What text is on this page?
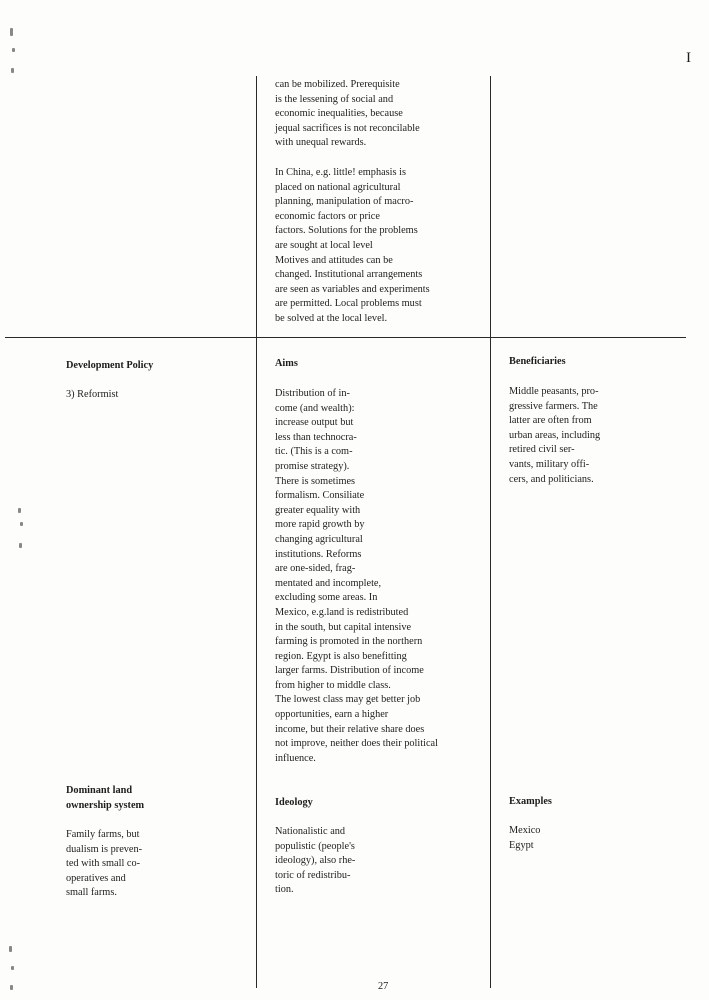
I

can be mobilized. Prerequisite
is the lessening of social and
economic inequalities, because
jequal sacrifices is not reconcilable
with unequal rewards.

In China, e.g. little! emphasis is
placed on national agricultural
planning, manipulation of macro-
economic factors or price
factors. Solutions for the problems
are sought at local level
Motives and attitudes can be
changed. Institutional arrangements
are seen as variables and experiments
are permitted. Local problems must
be solved at the local level.

Development Policy
3) Reformist

Dominant land
ownership system

Family farms, but
dualism is preven-
ted with small co-
operatives and
small farms.

Aims

Distribution of in-
come (and wealth):
increase output but
less than technocra-
tic. (This is a com-
promise strategy).
There is sometimes
formalism. Consiliate
greater equality with
more rapid growth by
changing agricultural
institutions. Reforms
are one-sided, frag-
mentated and incomplete,
excluding some areas. In
Mexico, e.g.land is redistributed
in the south, but capital intensive
farming is promoted in the northern
region. Egypt is also benefitting
larger farms. Distribution of income
from higher to middle class.
The lowest class may get better job
opportunities, earn a higher
income, but their relative share does
not improve, neither does their political
influence.

Ideology

Nationalistic and
populistic (people's
ideology), also rhe-
toric of redistribu-
tion.

Beneficiaries

Middle peasants, pro-
gressive farmers. The
latter are often from
urban areas, including
retired civil ser-
vants, military offi-
cers, and politicians.

Examples

Mexico
Egypt

27
